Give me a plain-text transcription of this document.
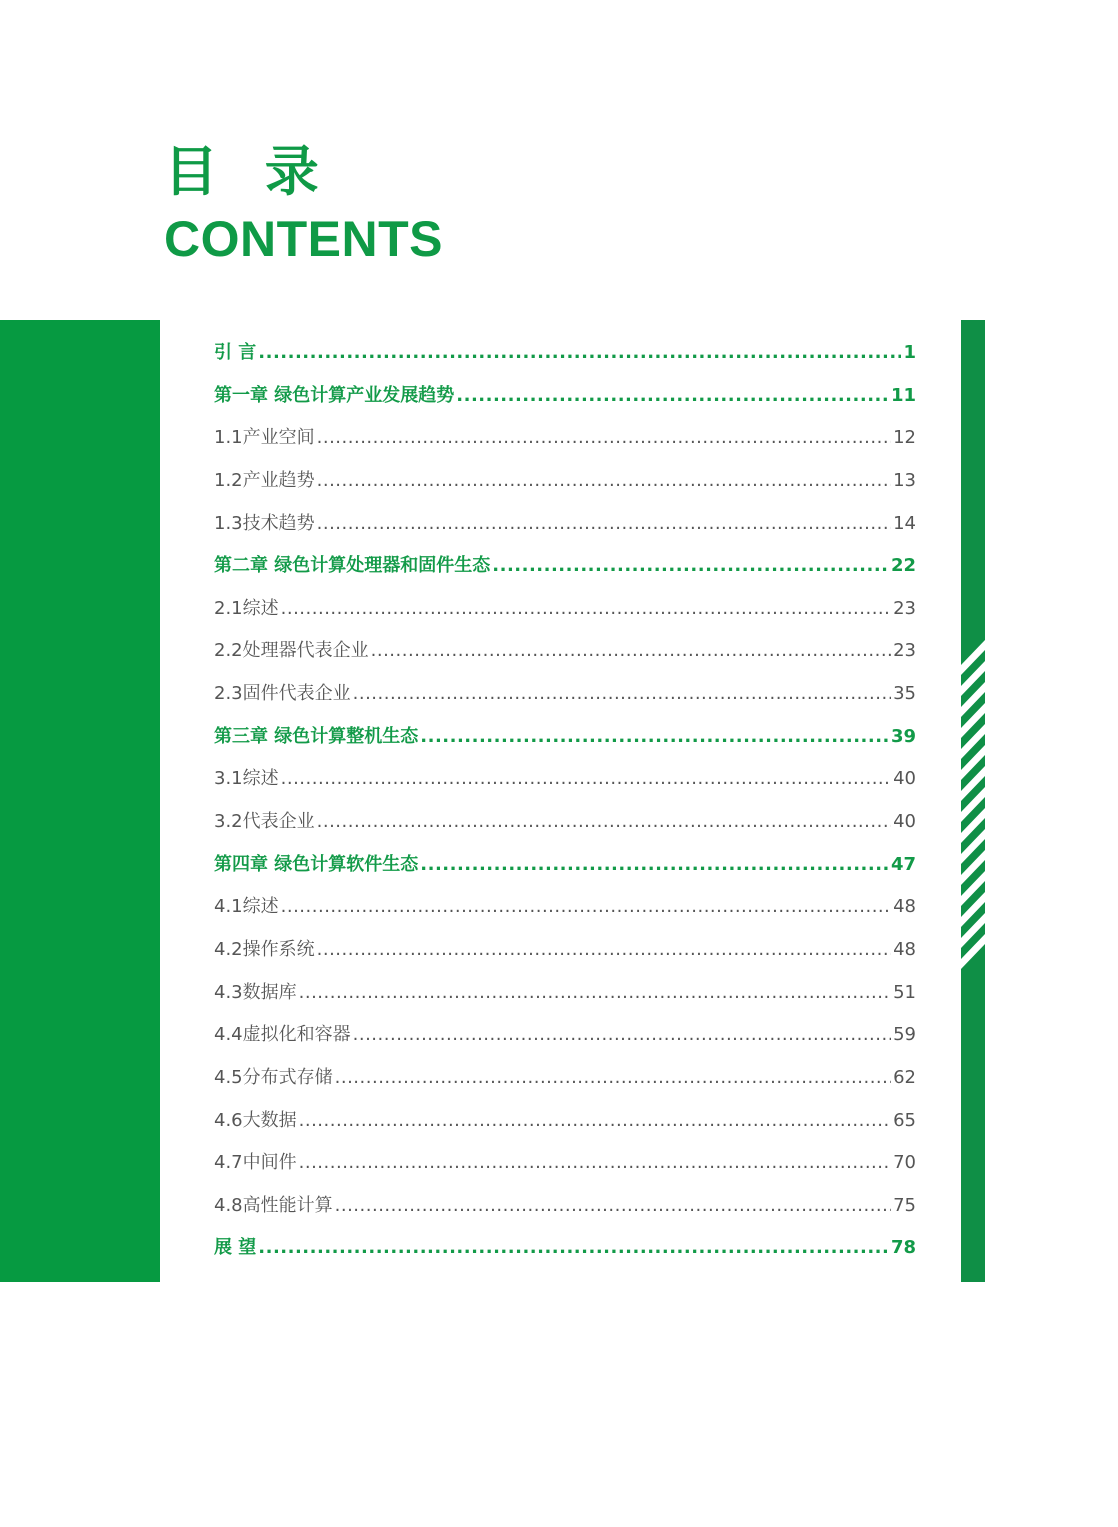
目 录
CONTENTS
引 言 .....	1
第一章 绿色计算产业发展趋势 .....	11
1.1产业空间 .....	12
1.2产业趋势 .....	13
1.3技术趋势 .....	14
第二章 绿色计算处理器和固件生态 .....	22
2.1综述 .....	23
2.2处理器代表企业 .....	23
2.3固件代表企业 .....	35
第三章 绿色计算整机生态 .....	39
3.1综述 .....	40
3.2代表企业 .....	40
第四章 绿色计算软件生态 .....	47
4.1综述 .....	48
4.2操作系统 .....	48
4.3数据库 .....	51
4.4虚拟化和容器 .....	59
4.5分布式存储 .....	62
4.6大数据 .....	65
4.7中间件 .....	70
4.8高性能计算 .....	75
展 望 .....	78
